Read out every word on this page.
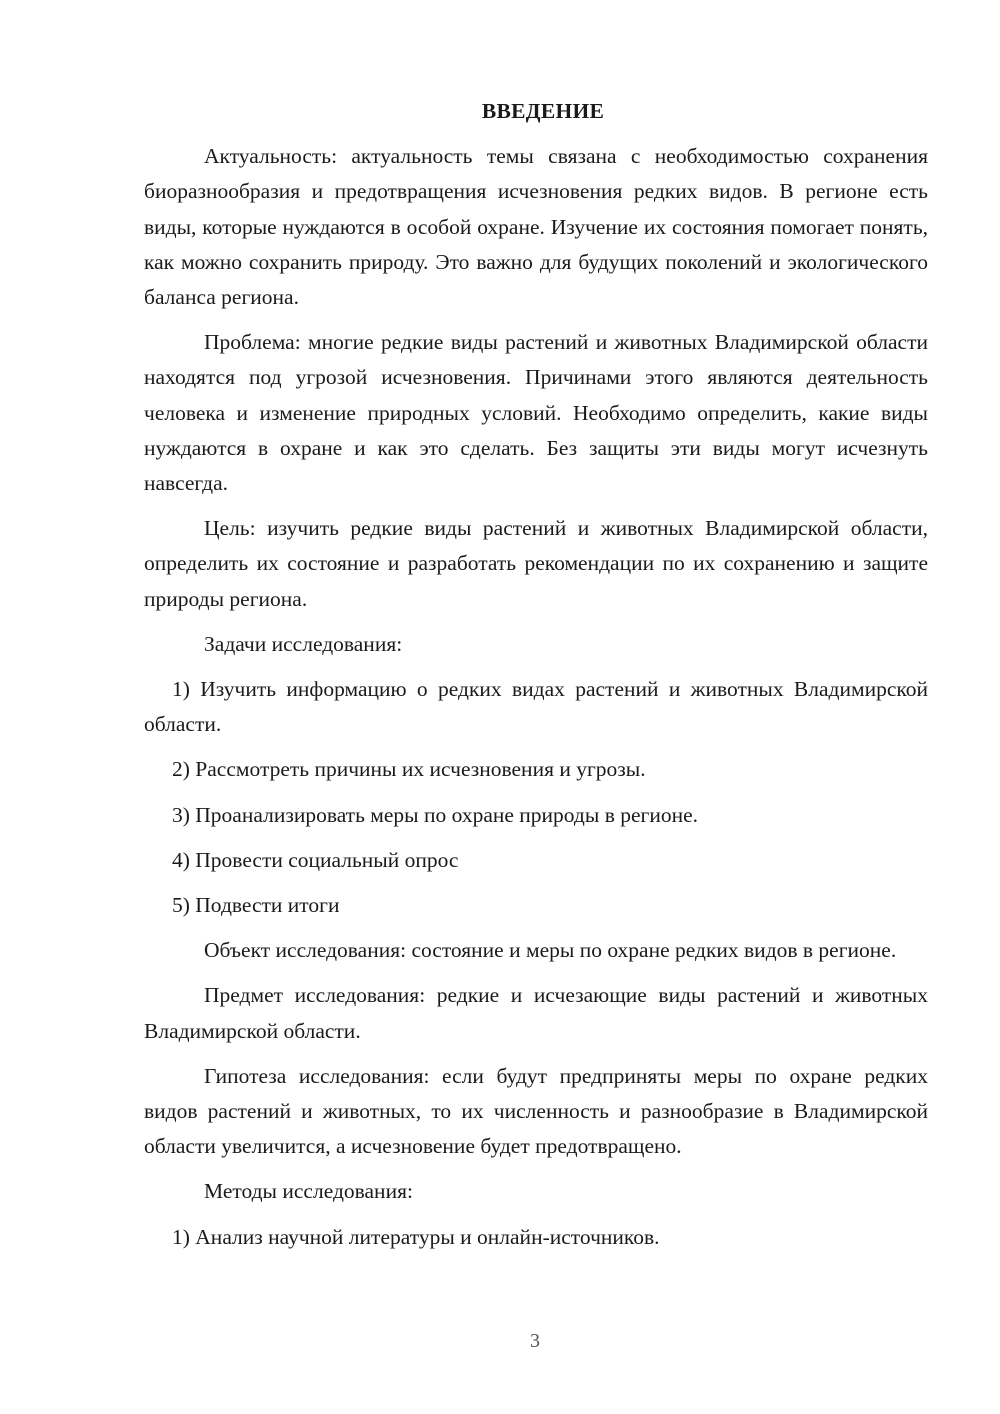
ВВЕДЕНИЕ

Актуальность: актуальность темы связана с необходимостью сохранения биоразнообразия и предотвращения исчезновения редких видов. В регионе есть виды, которые нуждаются в особой охране. Изучение их состояния помогает понять, как можно сохранить природу. Это важно для будущих поколений и экологического баланса региона.

Проблема: многие редкие виды растений и животных Владимирской области находятся под угрозой исчезновения. Причинами этого являются деятельность человека и изменение природных условий. Необходимо определить, какие виды нуждаются в охране и как это сделать. Без защиты эти виды могут исчезнуть навсегда.

Цель: изучить редкие виды растений и животных Владимирской области, определить их состояние и разработать рекомендации по их сохранению и защите природы региона.

Задачи исследования:

1) Изучить информацию о редких видах растений и животных Владимирской области.

2) Рассмотреть причины их исчезновения и угрозы.

3) Проанализировать меры по охране природы в регионе.

4) Провести социальный опрос

5) Подвести итоги

Объект исследования: состояние и меры по охране редких видов в регионе.

Предмет исследования: редкие и исчезающие виды растений и животных Владимирской области.

Гипотеза исследования: если будут предприняты меры по охране редких видов растений и животных, то их численность и разнообразие в Владимирской области увеличится, а исчезновение будет предотвращено.

Методы исследования:

1) Анализ научной литературы и онлайн-источников.

3
